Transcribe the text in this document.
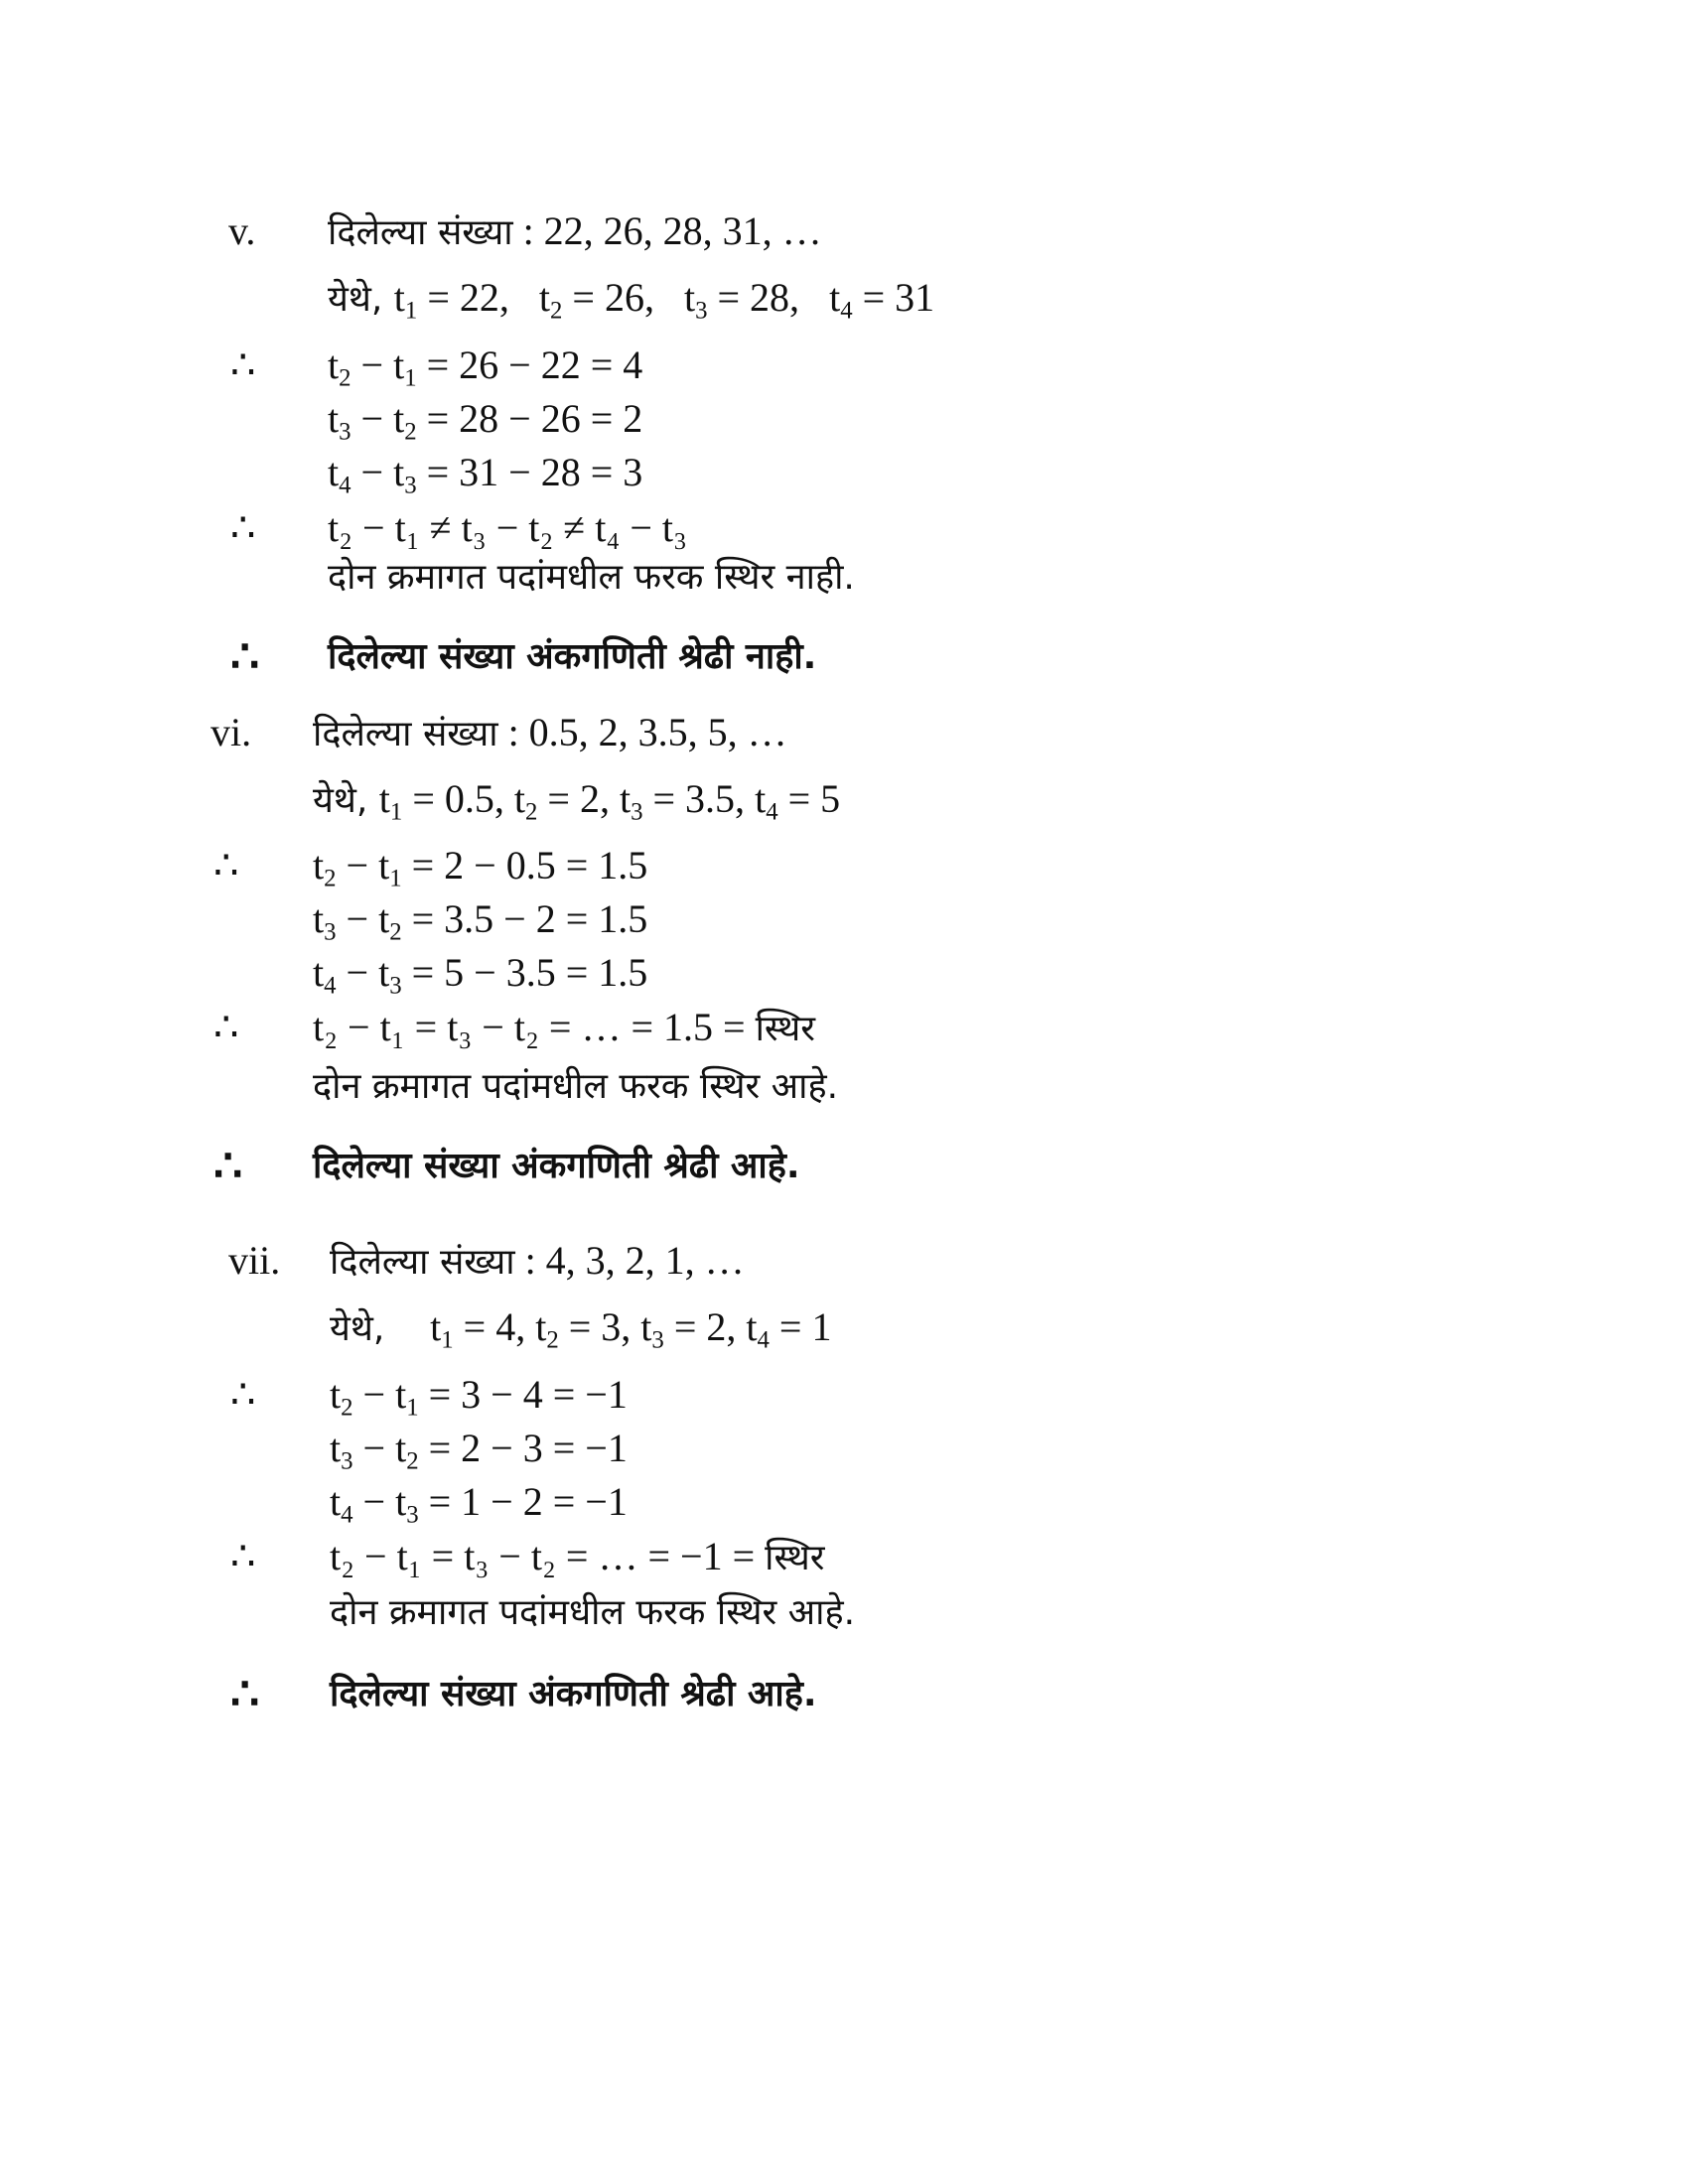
v. दिलेल्या संख्या : 22, 26, 28, 31, …
येथे, $t_1 = 22$,   $t_2 = 26$,   $t_3 = 28$,   $t_4 = 31$
∴ $t_2 - t_1 = 26 - 22 = 4$
$t_3 - t_2 = 28 - 26 = 2$
$t_4 - t_3 = 31 - 28 = 3$
∴ t₂ − t₁ ≠ t₃ − t₂ ≠ t₄ − t₃
दोन क्रमागत पदांमधील फरक स्थिर नाही.
∴ दिलेल्या संख्या अंकगणिती श्रेढी नाही.
vi. दिलेल्या संख्या : 0.5, 2, 3.5, 5, …
येथे, $t_1 = 0.5$, $t_2 = 2$, $t_3 = 3.5$, $t_4 = 5$
∴ $t_2 - t_1 = 2 - 0.5 = 1.5$
$t_3 - t_2 = 3.5 - 2 = 1.5$
$t_4 - t_3 = 5 - 3.5 = 1.5$
∴ t₂ − t₁ = t₃ − t₂ = … = 1.5 = स्थिर
दोन क्रमागत पदांमधील फरक स्थिर आहे.
∴ दिलेल्या संख्या अंकगणिती श्रेढी आहे.
vii. दिलेल्या संख्या : 4, 3, 2, 1, …
येथे,    $t_1 = 4$, $t_2 = 3$, $t_3 = 2$, $t_4 = 1$
∴ $t_2 - t_1 = 3 - 4 = -1$
$t_3 - t_2 = 2 - 3 = -1$
$t_4 - t_3 = 1 - 2 = -1$
∴ t₂ − t₁ = t₃ − t₂ = … = −1 = स्थिर
दोन क्रमागत पदांमधील फरक स्थिर आहे.
∴ दिलेल्या संख्या अंकगणिती श्रेढी आहे.
